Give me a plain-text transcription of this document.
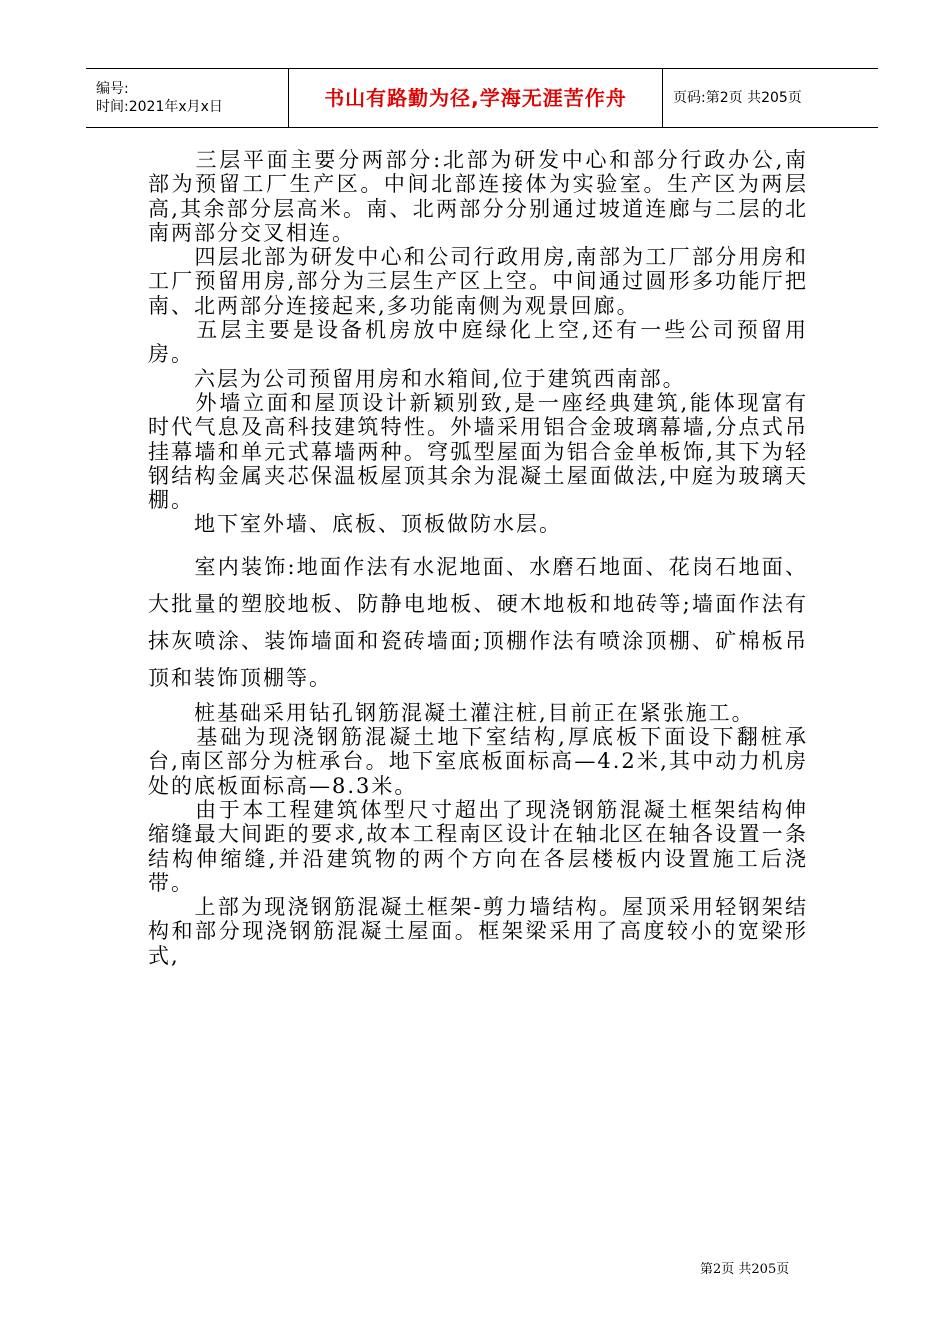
编号:
时间:2021年x月x日	书山有路勤为径,学海无涯苦作舟	页码:第2页 共205页

　　三层平面主要分两部分:北部为研发中心和部分行政办公,南部为预留工厂生产区。中间北部连接体为实验室。生产区为两层高,其余部分层高米。南、北两部分分别通过坡道连廊与二层的北南两部分交叉相连。

　　四层北部为研发中心和公司行政用房,南部为工厂部分用房和工厂预留用房,部分为三层生产区上空。中间通过圆形多功能厅把南、北两部分连接起来,多功能南侧为观景回廊。

　　五层主要是设备机房放中庭绿化上空,还有一些公司预留用房。

　　六层为公司预留用房和水箱间,位于建筑西南部。

　　外墙立面和屋顶设计新颖别致,是一座经典建筑,能体现富有时代气息及高科技建筑特性。外墙采用铝合金玻璃幕墙,分点式吊挂幕墙和单元式幕墙两种。穹弧型屋面为铝合金单板饰,其下为轻钢结构金属夹芯保温板屋顶其余为混凝土屋面做法,中庭为玻璃天棚。

　　地下室外墙、底板、顶板做防水层。

　　室内装饰:地面作法有水泥地面、水磨石地面、花岗石地面、大批量的塑胶地板、防静电地板、硬木地板和地砖等;墙面作法有抹灰喷涂、装饰墙面和瓷砖墙面;顶棚作法有喷涂顶棚、矿棉板吊顶和装饰顶棚等。

　　桩基础采用钻孔钢筋混凝土灌注桩,目前正在紧张施工。

　　基础为现浇钢筋混凝土地下室结构,厚底板下面设下翻桩承台,南区部分为桩承台。地下室底板面标高—4.2米,其中动力机房处的底板面标高—8.3米。

　　由于本工程建筑体型尺寸超出了现浇钢筋混凝土框架结构伸缩缝最大间距的要求,故本工程南区设计在轴北区在轴各设置一条结构伸缩缝,并沿建筑物的两个方向在各层楼板内设置施工后浇带。

　　上部为现浇钢筋混凝土框架-剪力墙结构。屋顶采用轻钢架结构和部分现浇钢筋混凝土屋面。框架梁采用了高度较小的宽梁形式,

第2页 共205页
